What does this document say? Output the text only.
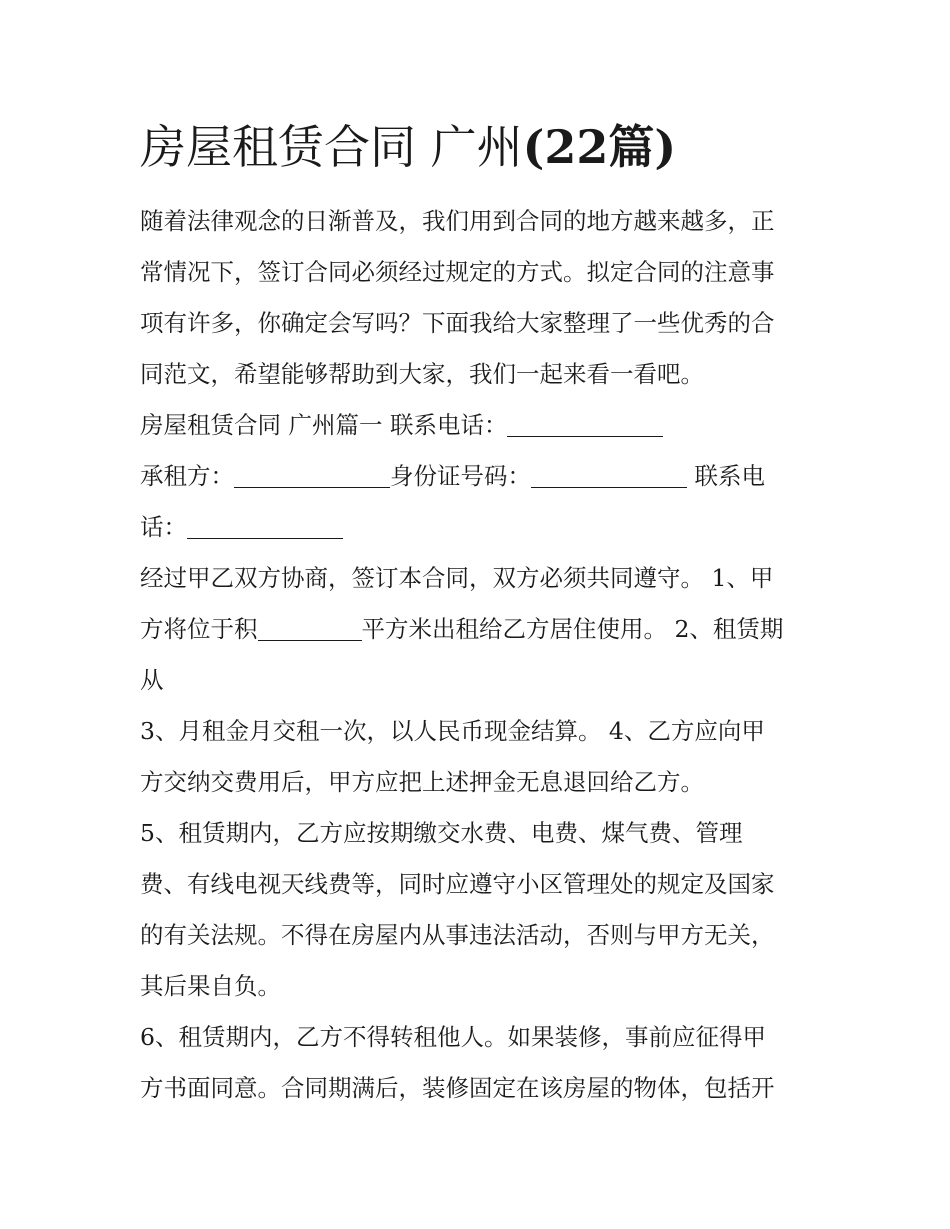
房屋租赁合同 广州(22篇)

随着法律观念的日渐普及，我们用到合同的地方越来越多，正
常情况下，签订合同必须经过规定的方式。拟定合同的注意事
项有许多，你确定会写吗？下面我给大家整理了一些优秀的合
同范文，希望能够帮助到大家，我们一起来看一看吧。

房屋租赁合同 广州篇一 联系电话：
承租方：	身份证号码：	联系电
话：

经过甲乙双方协商，签订本合同，双方必须共同遵守。 1、甲
方将位于积	平方米出租给乙方居住使用。 2、租赁期
从

3、月租金月交租一次，以人民币现金结算。 4、乙方应向甲
方交纳交费用后，甲方应把上述押金无息退回给乙方。

5、租赁期内，乙方应按期缴交水费、电费、煤气费、管理
费、有线电视天线费等，同时应遵守小区管理处的规定及国家
的有关法规。不得在房屋内从事违法活动，否则与甲方无关，
其后果自负。

6、租赁期内，乙方不得转租他人。如果装修，事前应征得甲
方书面同意。合同期满后，装修固定在该房屋的物体，包括开
